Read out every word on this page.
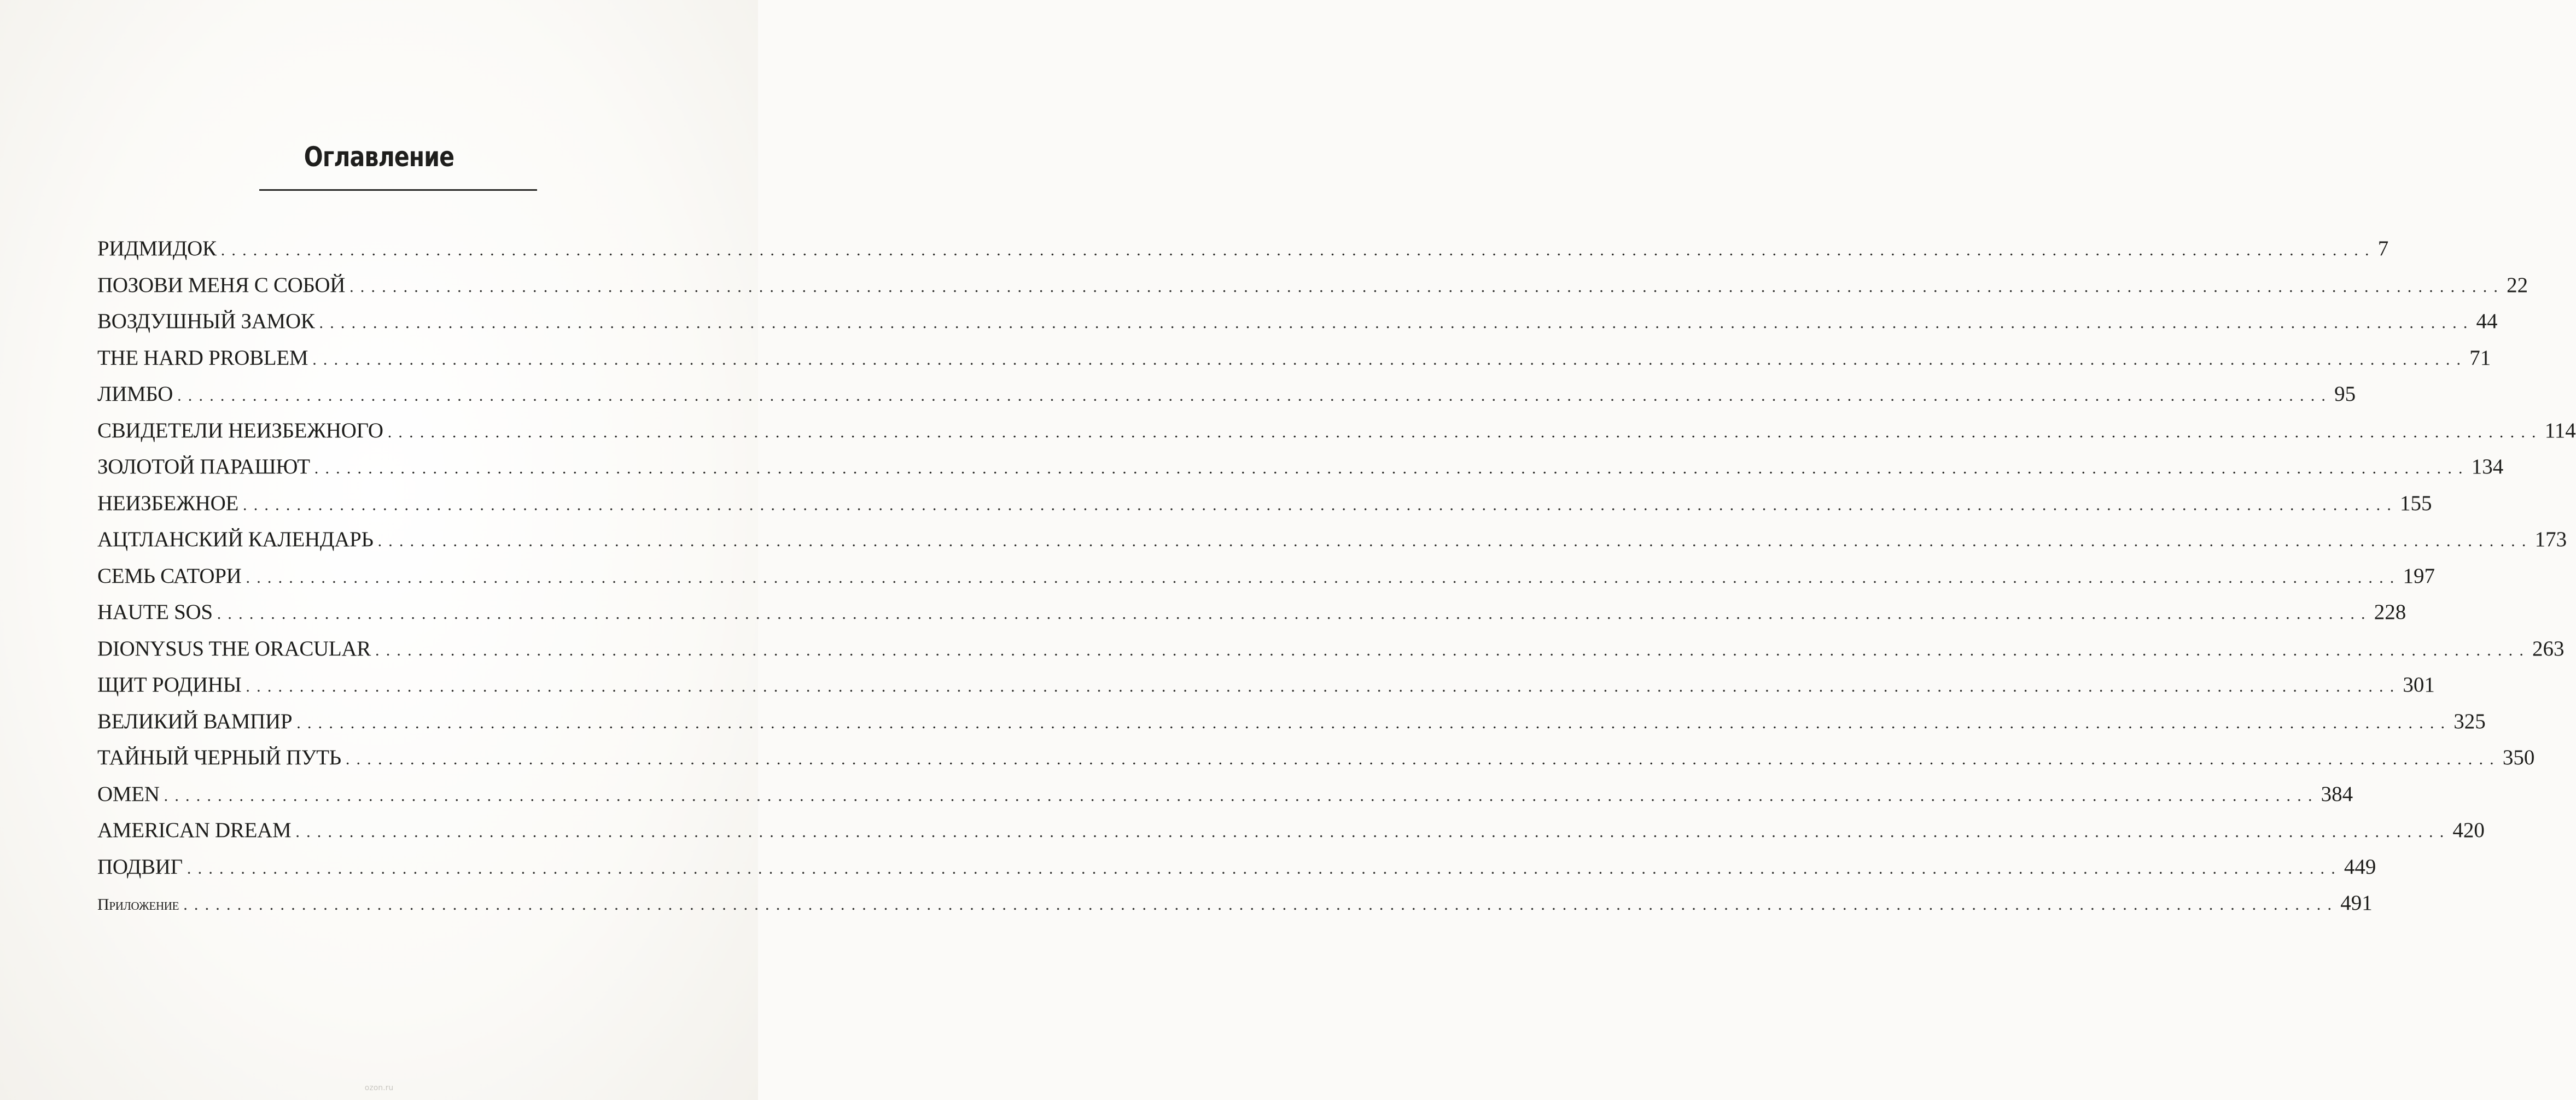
Оглавление
РИДМИДОК ........................................................................................................................................................................................................ 7
ПОЗОВИ МЕНЯ С СОБОЙ ........................................................................................................................................................................................................ 22
ВОЗДУШНЫЙ ЗАМОК ........................................................................................................................................................................................................ 44
THE HARD PROBLEM ........................................................................................................................................................................................................ 71
ЛИМБО ........................................................................................................................................................................................................ 95
СВИДЕТЕЛИ НЕИЗБЕЖНОГО ........................................................................................................................................................................................................ 114
ЗОЛОТОЙ ПАРАШЮТ ........................................................................................................................................................................................................ 134
НЕИЗБЕЖНОЕ ........................................................................................................................................................................................................ 155
АЦТЛАНСКИЙ КАЛЕНДАРЬ ........................................................................................................................................................................................................ 173
СЕМЬ САТОРИ ........................................................................................................................................................................................................ 197
HAUTE SOS ........................................................................................................................................................................................................ 228
DIONYSUS THE ORACULAR ........................................................................................................................................................................................................ 263
ЩИТ РОДИНЫ ........................................................................................................................................................................................................ 301
ВЕЛИКИЙ ВАМПИР ........................................................................................................................................................................................................ 325
ТАЙНЫЙ ЧЕРНЫЙ ПУТЬ ........................................................................................................................................................................................................ 350
OMEN ........................................................................................................................................................................................................ 384
AMERICAN DREAM ........................................................................................................................................................................................................ 420
ПОДВИГ ........................................................................................................................................................................................................ 449
Приложение ........................................................................................................................................................................................................ 491
ozon.ru
